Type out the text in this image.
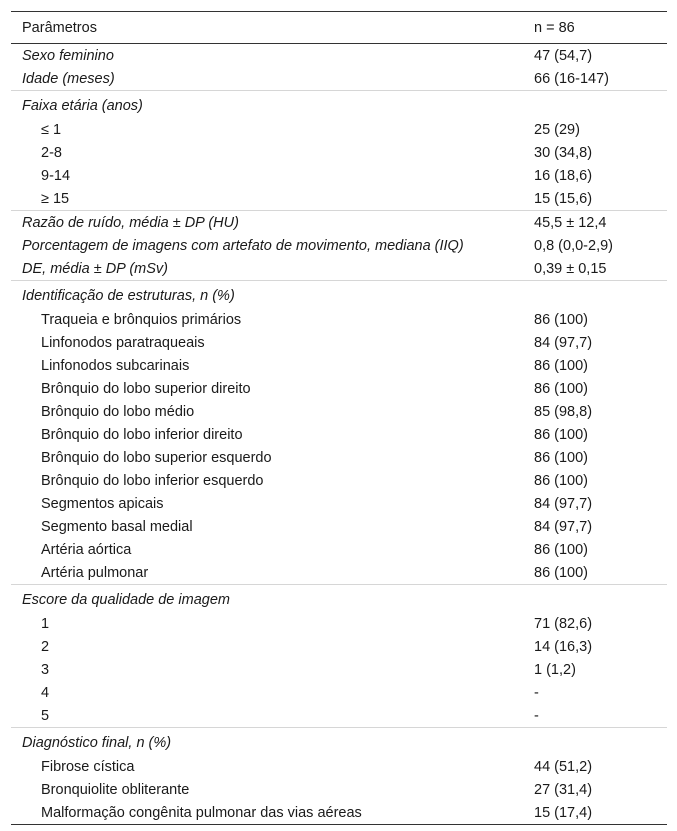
Parâmetros	n = 86
Sexo feminino	47 (54,7)
Idade (meses)	66 (16-147)
Faixa etária (anos)
≤ 1	25 (29)
2-8	30 (34,8)
9-14	16 (18,6)
≥ 15	15 (15,6)
Razão de ruído, média ± DP (HU)	45,5 ± 12,4
Porcentagem de imagens com artefato de movimento, mediana (IIQ)	0,8 (0,0-2,9)
DE, média ± DP (mSv)	0,39 ± 0,15
Identificação de estruturas, n (%)
Traqueia e brônquios primários	86 (100)
Linfonodos paratraqueais	84 (97,7)
Linfonodos subcarinais	86 (100)
Brônquio do lobo superior direito	86 (100)
Brônquio do lobo médio	85 (98,8)
Brônquio do lobo inferior direito	86 (100)
Brônquio do lobo superior esquerdo	86 (100)
Brônquio do lobo inferior esquerdo	86 (100)
Segmentos apicais	84 (97,7)
Segmento basal medial	84 (97,7)
Artéria aórtica	86 (100)
Artéria pulmonar	86 (100)
Escore da qualidade de imagem
1	71 (82,6)
2	14 (16,3)
3	1 (1,2)
4	-
5	-
Diagnóstico final, n (%)
Fibrose cística	44 (51,2)
Bronquiolite obliterante	27 (31,4)
Malformação congênita pulmonar das vias aéreas	15 (17,4)
